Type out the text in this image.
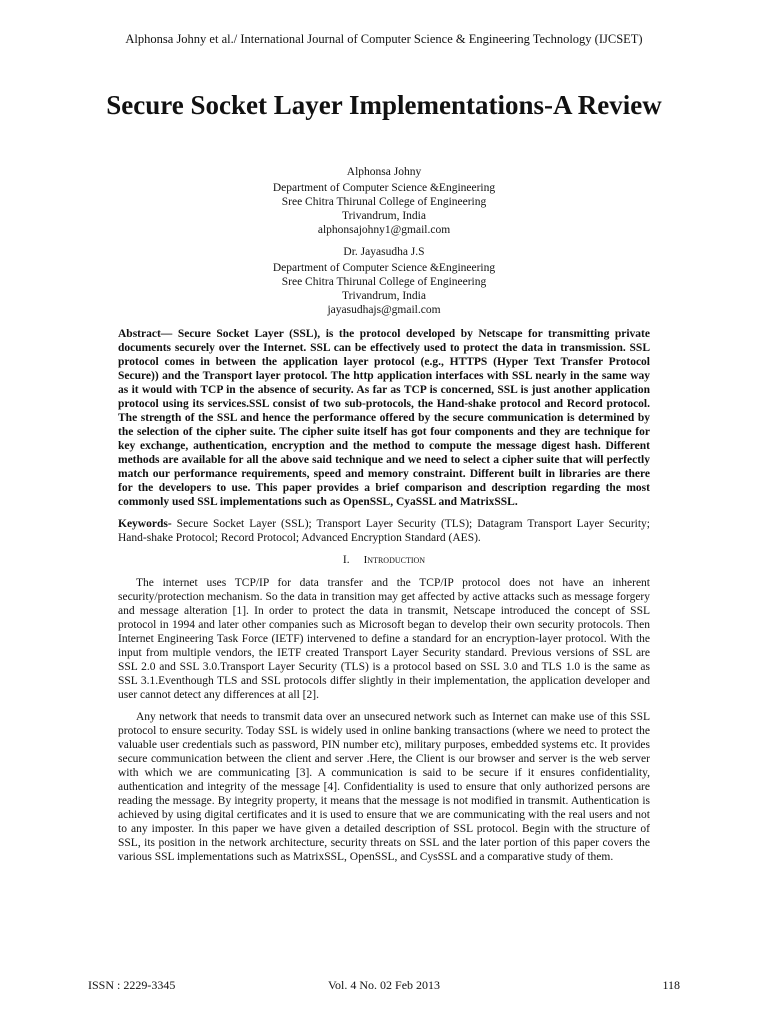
Alphonsa Johny et al./ International Journal of Computer Science & Engineering Technology (IJCSET)
Secure Socket Layer Implementations-A Review
Alphonsa Johny
Department of Computer Science &Engineering
Sree Chitra Thirunal College of Engineering
Trivandrum, India
alphonsajohny1@gmail.com
Dr. Jayasudha J.S
Department of Computer Science &Engineering
Sree Chitra Thirunal College of Engineering
Trivandrum, India
jayasudhajs@gmail.com

Abstract— Secure Socket Layer (SSL), is the protocol developed by Netscape for transmitting private documents securely over the Internet. SSL can be effectively used to protect the data in transmission. SSL protocol comes in between the application layer protocol (e.g., HTTPS (Hyper Text Transfer Protocol Secure)) and the Transport layer protocol. The http application interfaces with SSL nearly in the same way as it would with TCP in the absence of security. As far as TCP is concerned, SSL is just another application protocol using its services.SSL consist of two sub-protocols, the Hand-shake protocol and Record protocol. The strength of the SSL and hence the performance offered by the secure communication is determined by the selection of the cipher suite. The cipher suite itself has got four components and they are technique for key exchange, authentication, encryption and the method to compute the message digest hash. Different methods are available for all the above said technique and we need to select a cipher suite that will perfectly match our performance requirements, speed and memory constraint. Different built in libraries are there for the developers to use. This paper provides a brief comparison and description regarding the most commonly used SSL implementations such as OpenSSL, CyaSSL and MatrixSSL.

Keywords- Secure Socket Layer (SSL); Transport Layer Security (TLS); Datagram Transport Layer Security; Hand-shake Protocol; Record Protocol; Advanced Encryption Standard (AES).

I. Introduction

The internet uses TCP/IP for data transfer and the TCP/IP protocol does not have an inherent security/protection mechanism. So the data in transition may get affected by active attacks such as message forgery and message alteration [1]. In order to protect the data in transmit, Netscape introduced the concept of SSL protocol in 1994 and later other companies such as Microsoft began to develop their own security protocols. Then Internet Engineering Task Force (IETF) intervened to define a standard for an encryption-layer protocol. With the input from multiple vendors, the IETF created Transport Layer Security standard. Previous versions of SSL are SSL 2.0 and SSL 3.0.Transport Layer Security (TLS) is a protocol based on SSL 3.0 and TLS 1.0 is the same as SSL 3.1.Eventhough TLS and SSL protocols differ slightly in their implementation, the application developer and user cannot detect any differences at all [2].

Any network that needs to transmit data over an unsecured network such as Internet can make use of this SSL protocol to ensure security. Today SSL is widely used in online banking transactions (where we need to protect the valuable user credentials such as password, PIN number etc), military purposes, embedded systems etc. It provides secure communication between the client and server .Here, the Client is our browser and server is the web server with which we are communicating [3]. A communication is said to be secure if it ensures confidentiality, authentication and integrity of the message [4]. Confidentiality is used to ensure that only authorized persons are reading the message. By integrity property, it means that the message is not modified in transmit. Authentication is achieved by using digital certificates and it is used to ensure that we are communicating with the real users and not to any imposter. In this paper we have given a detailed description of SSL protocol. Begin with the structure of SSL, its position in the network architecture, security threats on SSL and the later portion of this paper covers the various SSL implementations such as MatrixSSL, OpenSSL, and CysSSL and a comparative study of them.

ISSN : 2229-3345	Vol. 4 No. 02 Feb 2013	118
